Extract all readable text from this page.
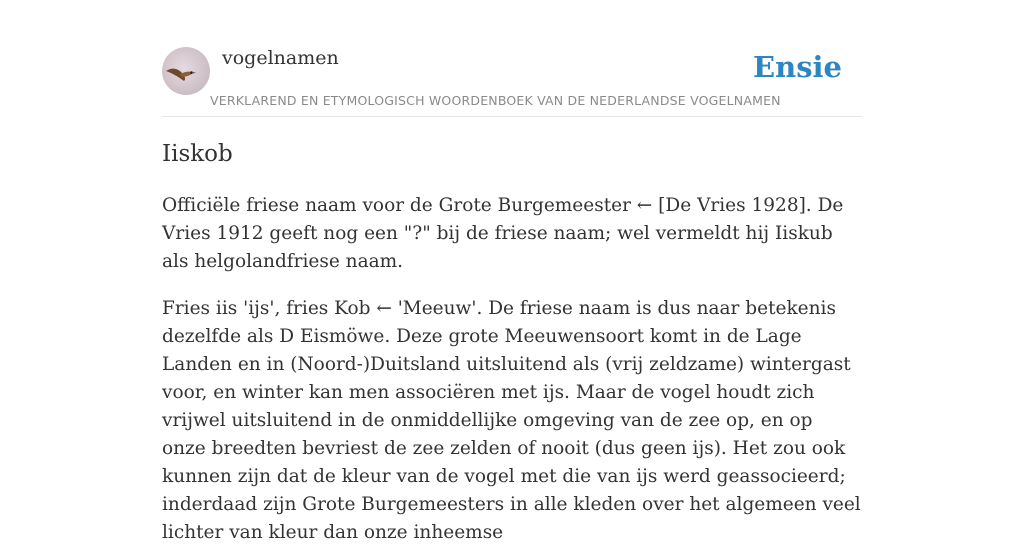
vogelnamen	Ensie
VERKLAREND EN ETYMOLOGISCH WOORDENBOEK VAN DE NEDERLANDSE VOGELNAMEN
Iiskob

Officiële friese naam voor de Grote Burgemeester ← [De Vries 1928]. De Vries 1912 geeft nog een "?" bij de friese naam; wel vermeldt hij Iiskub als helgolandfriese naam.

Fries iis 'ijs', fries Kob ← 'Meeuw'. De friese naam is dus naar betekenis dezelfde als D Eismöwe. Deze grote Meeuwensoort komt in de Lage Landen en in (Noord-)Duitsland uitsluitend als (vrij zeldzame) wintergast voor, en winter kan men associëren met ijs. Maar de vogel houdt zich vrijwel uitsluitend in de onmiddellijke omgeving van de zee op, en op onze breedten bevriest de zee zelden of nooit (dus geen ijs). Het zou ook kunnen zijn dat de kleur van de vogel met die van ijs werd geassocieerd; inderdaad zijn Grote Burgemeesters in alle kleden over het algemeen veel lichter van kleur dan onze inheemse
